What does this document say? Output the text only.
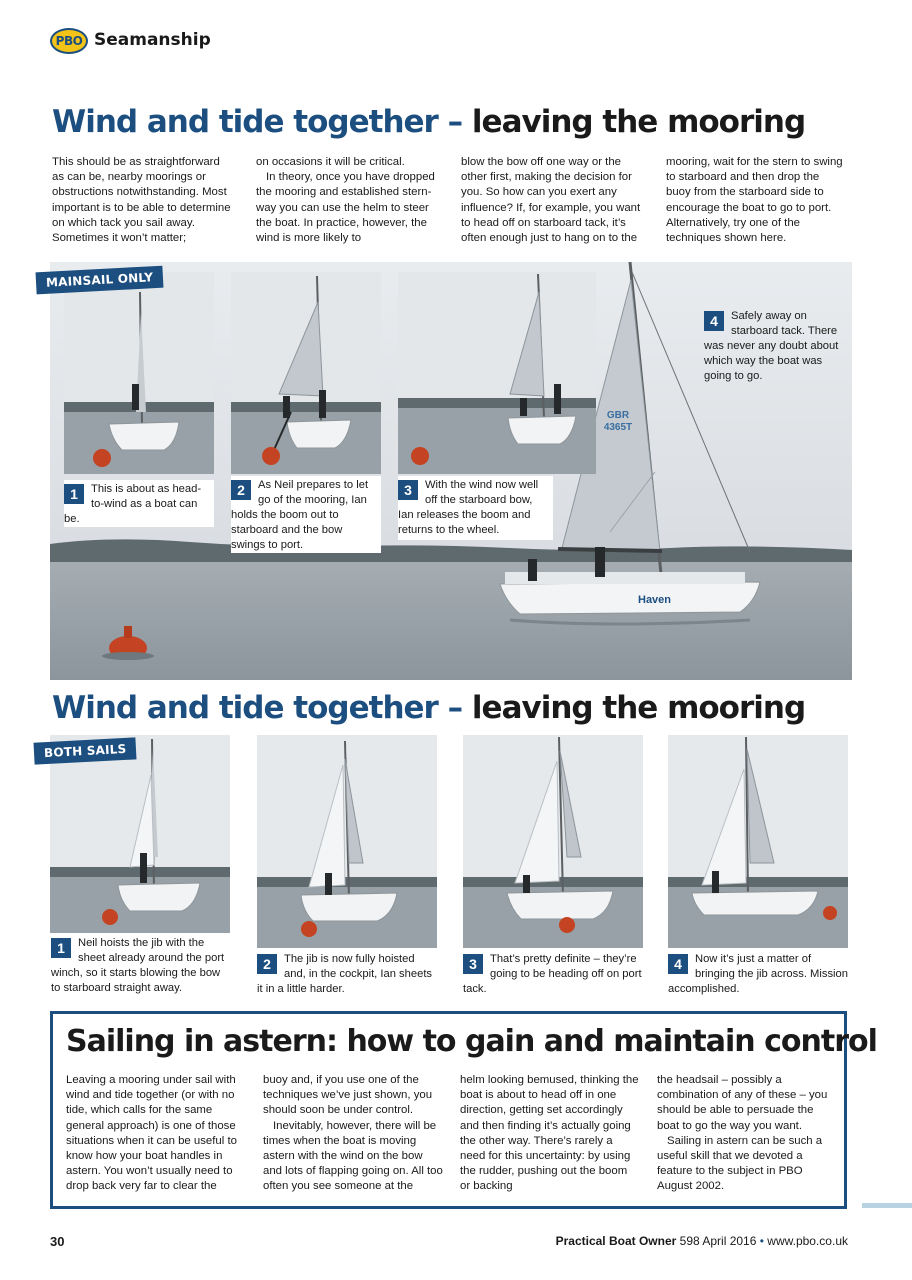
PBO Seamanship
Wind and tide together – leaving the mooring

This should be as straightforward as can be, nearby moorings or obstructions notwithstanding. Most important is to be able to determine on which tack you sail away. Sometimes it won’t matter;

on occasions it will be critical.

In theory, once you have dropped the mooring and established stern-way you can use the helm to steer the boat. In practice, however, the wind is more likely to

blow the bow off one way or the other first, making the decision for you. So how can you exert any influence? If, for example, you want to head off on starboard tack, it’s often enough just to hang on to the

mooring, wait for the stern to swing to starboard and then drop the buoy from the starboard side to encourage the boat to go to port. Alternatively, try one of the techniques shown here.

GBR 4365T
Haven
MAINSAIL ONLY
1	This is about as head-to-wind as a boat can be.
2	As Neil prepares to let go of the mooring, Ian holds the boom out to starboard and the bow swings to port.
3	With the wind now well off the starboard bow, Ian releases the boom and returns to the wheel.
4	Safely away on starboard tack. There was never any doubt about which way the boat was going to go.
Wind and tide together – leaving the mooring
BOTH SAILS
1	Neil hoists the jib with the sheet already around the port winch, so it starts blowing the bow to starboard straight away.
2	The jib is now fully hoisted and, in the cockpit, Ian sheets it in a little harder.
3	That’s pretty definite – they’re going to be heading off on port tack.
4	Now it’s just a matter of bringing the jib across. Mission accomplished.
Sailing in astern: how to gain and maintain control

Leaving a mooring under sail with wind and tide together (or with no tide, which calls for the same general approach) is one of those situations when it can be useful to know how your boat handles in astern. You won’t usually need to drop back very far to clear the

buoy and, if you use one of the techniques we’ve just shown, you should soon be under control.

Inevitably, however, there will be times when the boat is moving astern with the wind on the bow and lots of flapping going on. All too often you see someone at the

helm looking bemused, thinking the boat is about to head off in one direction, getting set accordingly and then finding it’s actually going the other way. There’s rarely a need for this uncertainty: by using the rudder, pushing out the boom or backing

the headsail – possibly a combination of any of these – you should be able to persuade the boat to go the way you want.

Sailing in astern can be such a useful skill that we devoted a feature to the subject in PBO August 2002.

30	Practical Boat Owner 598 April 2016 • www.pbo.co.uk
